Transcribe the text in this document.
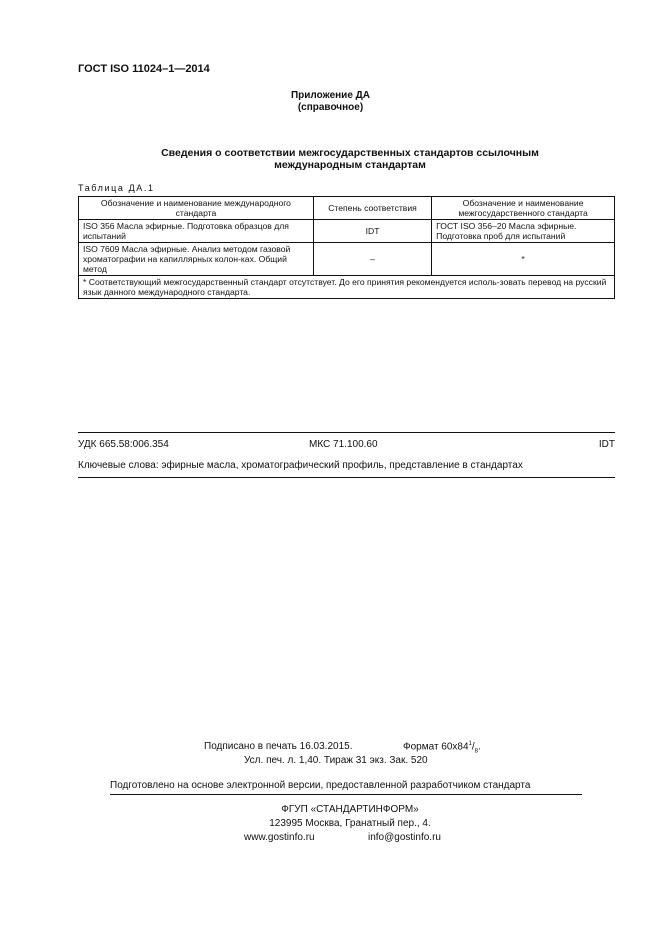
ГОСТ ISO 11024–1—2014
Приложение ДА
(справочное)
Сведения о соответствии межгосударственных стандартов ссылочным
международным стандартам
Таблица ДА.1
Обозначение и наименование международного стандарта	Степень соответствия	Обозначение и наименование межгосударственного стандарта
ISO 356 Масла эфирные. Подготовка образцов для испытаний	IDT	ГОСТ ISO 356–20 Масла эфирные. Подготовка проб для испытаний
ISO 7609 Масла эфирные. Анализ методом газовой хроматографии на капиллярных колон-ках. Общий метод	–	*
* Соответствующий межгосударственный стандарт отсутствует. До его принятия рекомендуется исполь-зовать перевод на русский язык данного международного стандарта.		
УДК 665.58:006.354	МКС 71.100.60	IDT
Ключевые слова: эфирные масла, хроматографический профиль, представление в стандартах
Подписано в печать 16.03.2015.	Формат $60х84^1/_8$.
Усл. печ. л. 1,40. Тираж 31 экз. Зак. 520
Подготовлено на основе электронной версии, предоставленной разработчиком стандарта
ФГУП «СТАНДАРТИНФОРМ»
123995 Москва, Гранатный пер., 4.
www.gostinfo.ru	info@gostinfo.ru
